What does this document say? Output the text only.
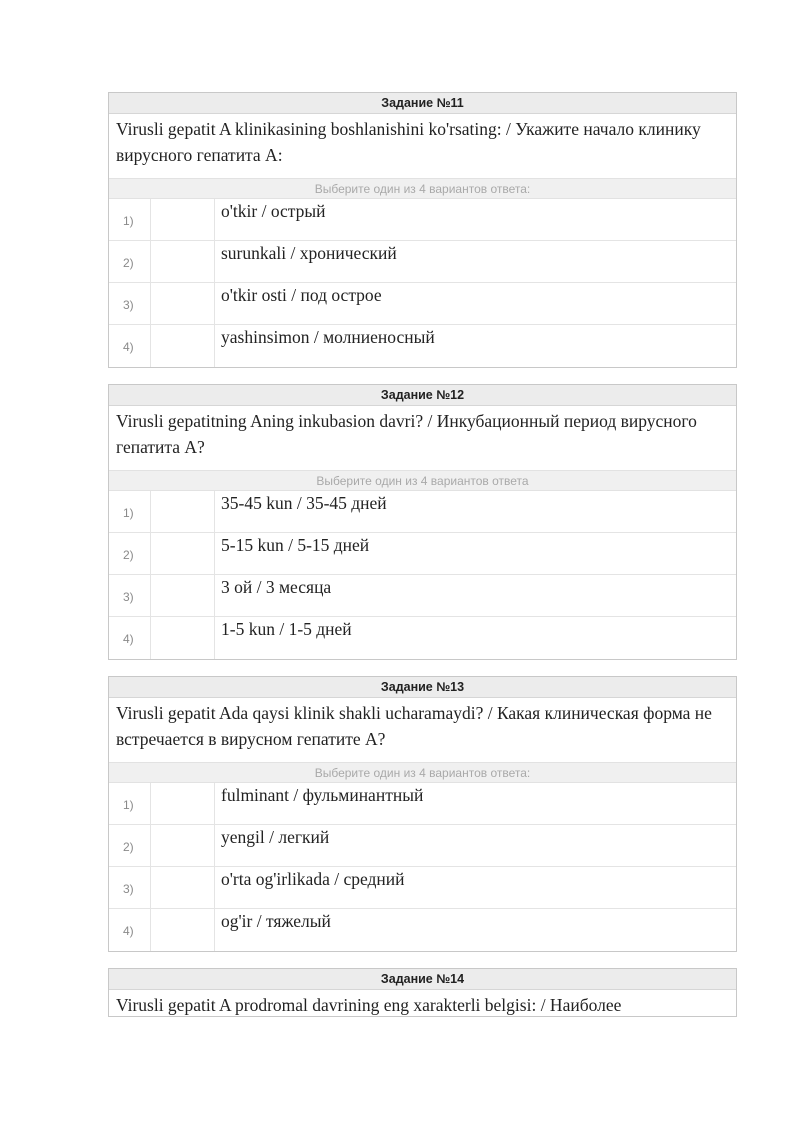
Задание №11
Virusli gepatit A klinikasining boshlanishini ko'rsating: / Укажите начало клинику вирусного гепатита А:
Выберите один из 4 вариантов ответа:
1)	o'tkir / острый
2)	surunkali / хронический
3)	o'tkir osti / под острое
4)	yashinsimon / молниеносный
Задание №12
Virusli gepatitning Aning inkubasion davri? / Инкубационный период вирусного гепатита А?
Выберите один из 4 вариантов ответа
1)	35-45 kun / 35-45 дней
2)	5-15 kun / 5-15 дней
3)	3 ой / 3 месяца
4)	1-5 kun / 1-5 дней
Задание №13
Virusli gepatit Ada qaysi klinik shakli ucharamaydi? / Какая клиническая форма не встречается в вирусном гепатите А?
Выберите один из 4 вариантов ответа:
1)	fulminant / фульминантный
2)	yengil / легкий
3)	o'rta og'irlikada / средний
4)	og'ir / тяжелый
Задание №14
Virusli gepatit A prodromal davrining eng xarakterli belgisi: / Наиболее
